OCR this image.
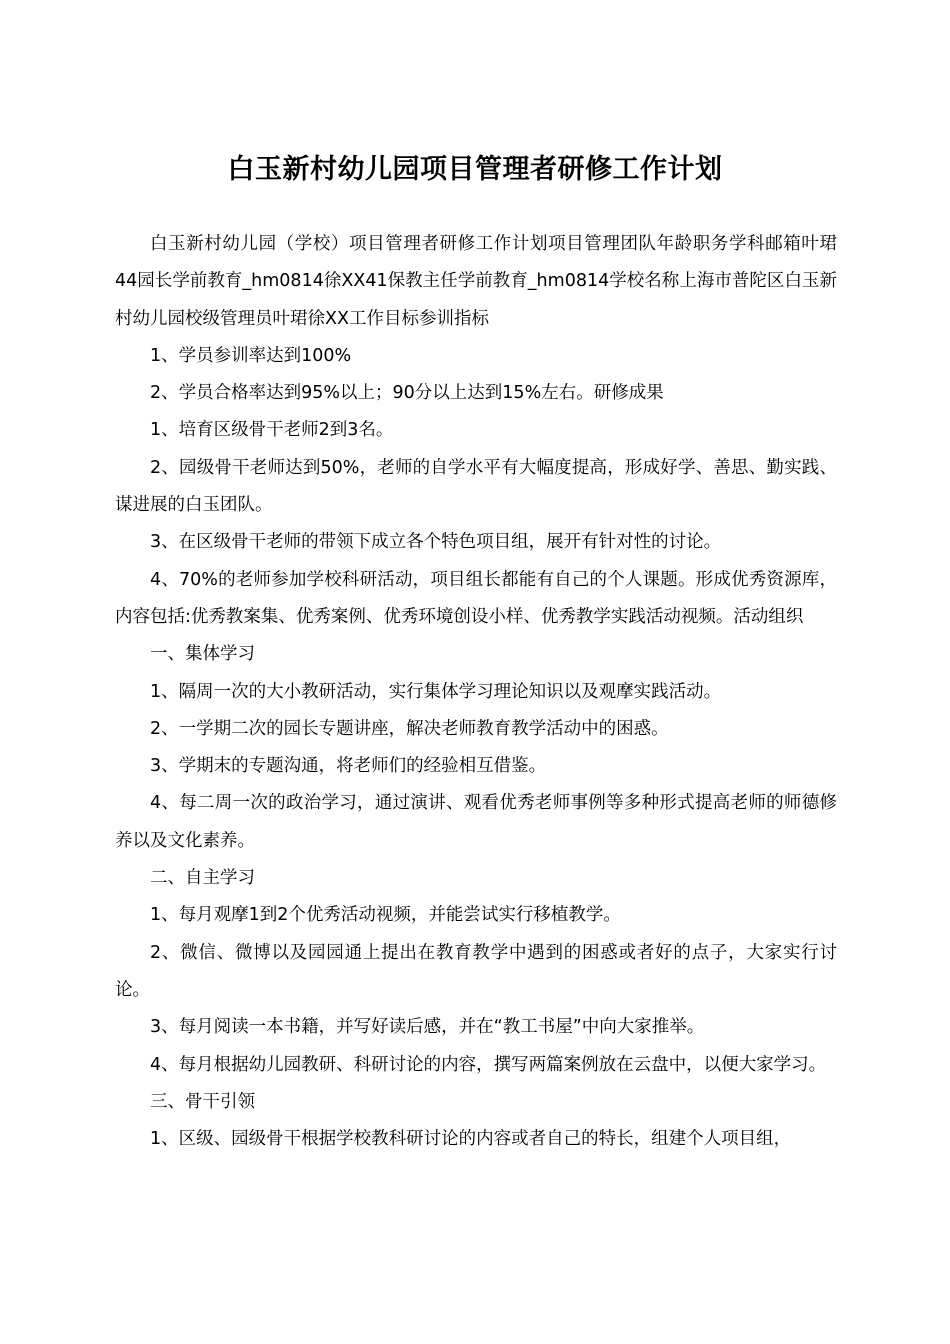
白玉新村幼儿园项目管理者研修工作计划

白玉新村幼儿园（学校）项目管理者研修工作计划项目管理团队年龄职务学科邮箱叶珺44园长学前教育_hm0814徐XX41保教主任学前教育_hm0814学校名称上海市普陀区白玉新村幼儿园校级管理员叶珺徐XX工作目标参训指标

1、学员参训率达到100%

2、学员合格率达到95%以上；90分以上达到15%左右。研修成果

1、培育区级骨干老师2到3名。

2、园级骨干老师达到50%，老师的自学水平有大幅度提高，形成好学、善思、勤实践、谋进展的白玉团队。

3、在区级骨干老师的带领下成立各个特色项目组，展开有针对性的讨论。

4、70%的老师参加学校科研活动，项目组长都能有自己的个人课题。形成优秀资源库，内容包括:优秀教案集、优秀案例、优秀环境创设小样、优秀教学实践活动视频。活动组织

一、集体学习

1、隔周一次的大小教研活动，实行集体学习理论知识以及观摩实践活动。

2、一学期二次的园长专题讲座，解决老师教育教学活动中的困惑。

3、学期末的专题沟通，将老师们的经验相互借鉴。

4、每二周一次的政治学习，通过演讲、观看优秀老师事例等多种形式提高老师的师德修养以及文化素养。

二、自主学习

1、每月观摩1到2个优秀活动视频，并能尝试实行移植教学。

2、微信、微博以及园园通上提出在教育教学中遇到的困惑或者好的点子，大家实行讨论。

3、每月阅读一本书籍，并写好读后感，并在“教工书屋”中向大家推举。

4、每月根据幼儿园教研、科研讨论的内容，撰写两篇案例放在云盘中，以便大家学习。

三、骨干引领

1、区级、园级骨干根据学校教科研讨论的内容或者自己的特长，组建个人项目组，
